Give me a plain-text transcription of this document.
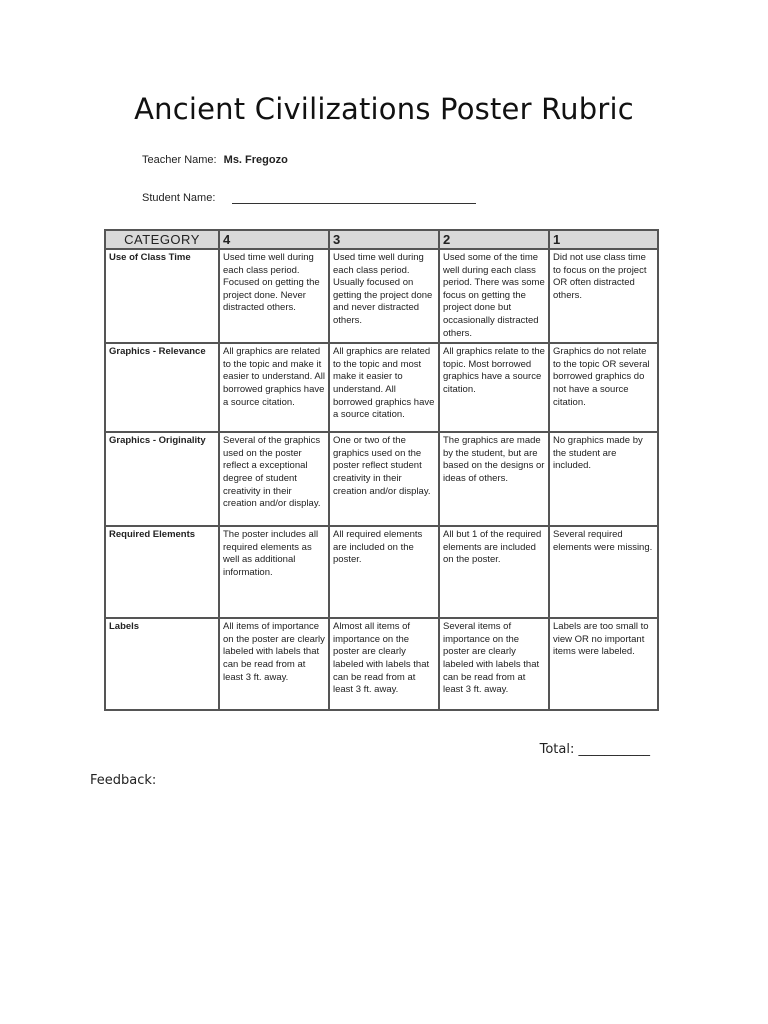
Ancient Civilizations Poster Rubric
Teacher Name: Ms. Fregozo
Student Name:
CATEGORY	4	3	2	1
Use of Class Time	Used time well during each class period. Focused on getting the project done. Never distracted others.	Used time well during each class period. Usually focused on getting the project done and never distracted others.	Used some of the time well during each class period. There was some focus on getting the project done but occasionally distracted others.	Did not use class time to focus on the project OR often distracted others.
Graphics - Relevance	All graphics are related to the topic and make it easier to understand. All borrowed graphics have a source citation.	All graphics are related to the topic and most make it easier to understand. All borrowed graphics have a source citation.	All graphics relate to the topic. Most borrowed graphics have a source citation.	Graphics do not relate to the topic OR several borrowed graphics do not have a source citation.
Graphics - Originality	Several of the graphics used on the poster reflect a exceptional degree of student creativity in their creation and/or display.	One or two of the graphics used on the poster reflect student creativity in their creation and/or display.	The graphics are made by the student, but are based on the designs or ideas of others.	No graphics made by the student are included.
Required Elements	The poster includes all required elements as well as additional information.	All required elements are included on the poster.	All but 1 of the required elements are included on the poster.	Several required elements were missing.
Labels	All items of importance on the poster are clearly labeled with labels that can be read from at least 3 ft. away.	Almost all items of importance on the poster are clearly labeled with labels that can be read from at least 3 ft. away.	Several items of importance on the poster are clearly labeled with labels that can be read from at least 3 ft. away.	Labels are too small to view OR no important items were labeled.
Total: ___________
Feedback:
